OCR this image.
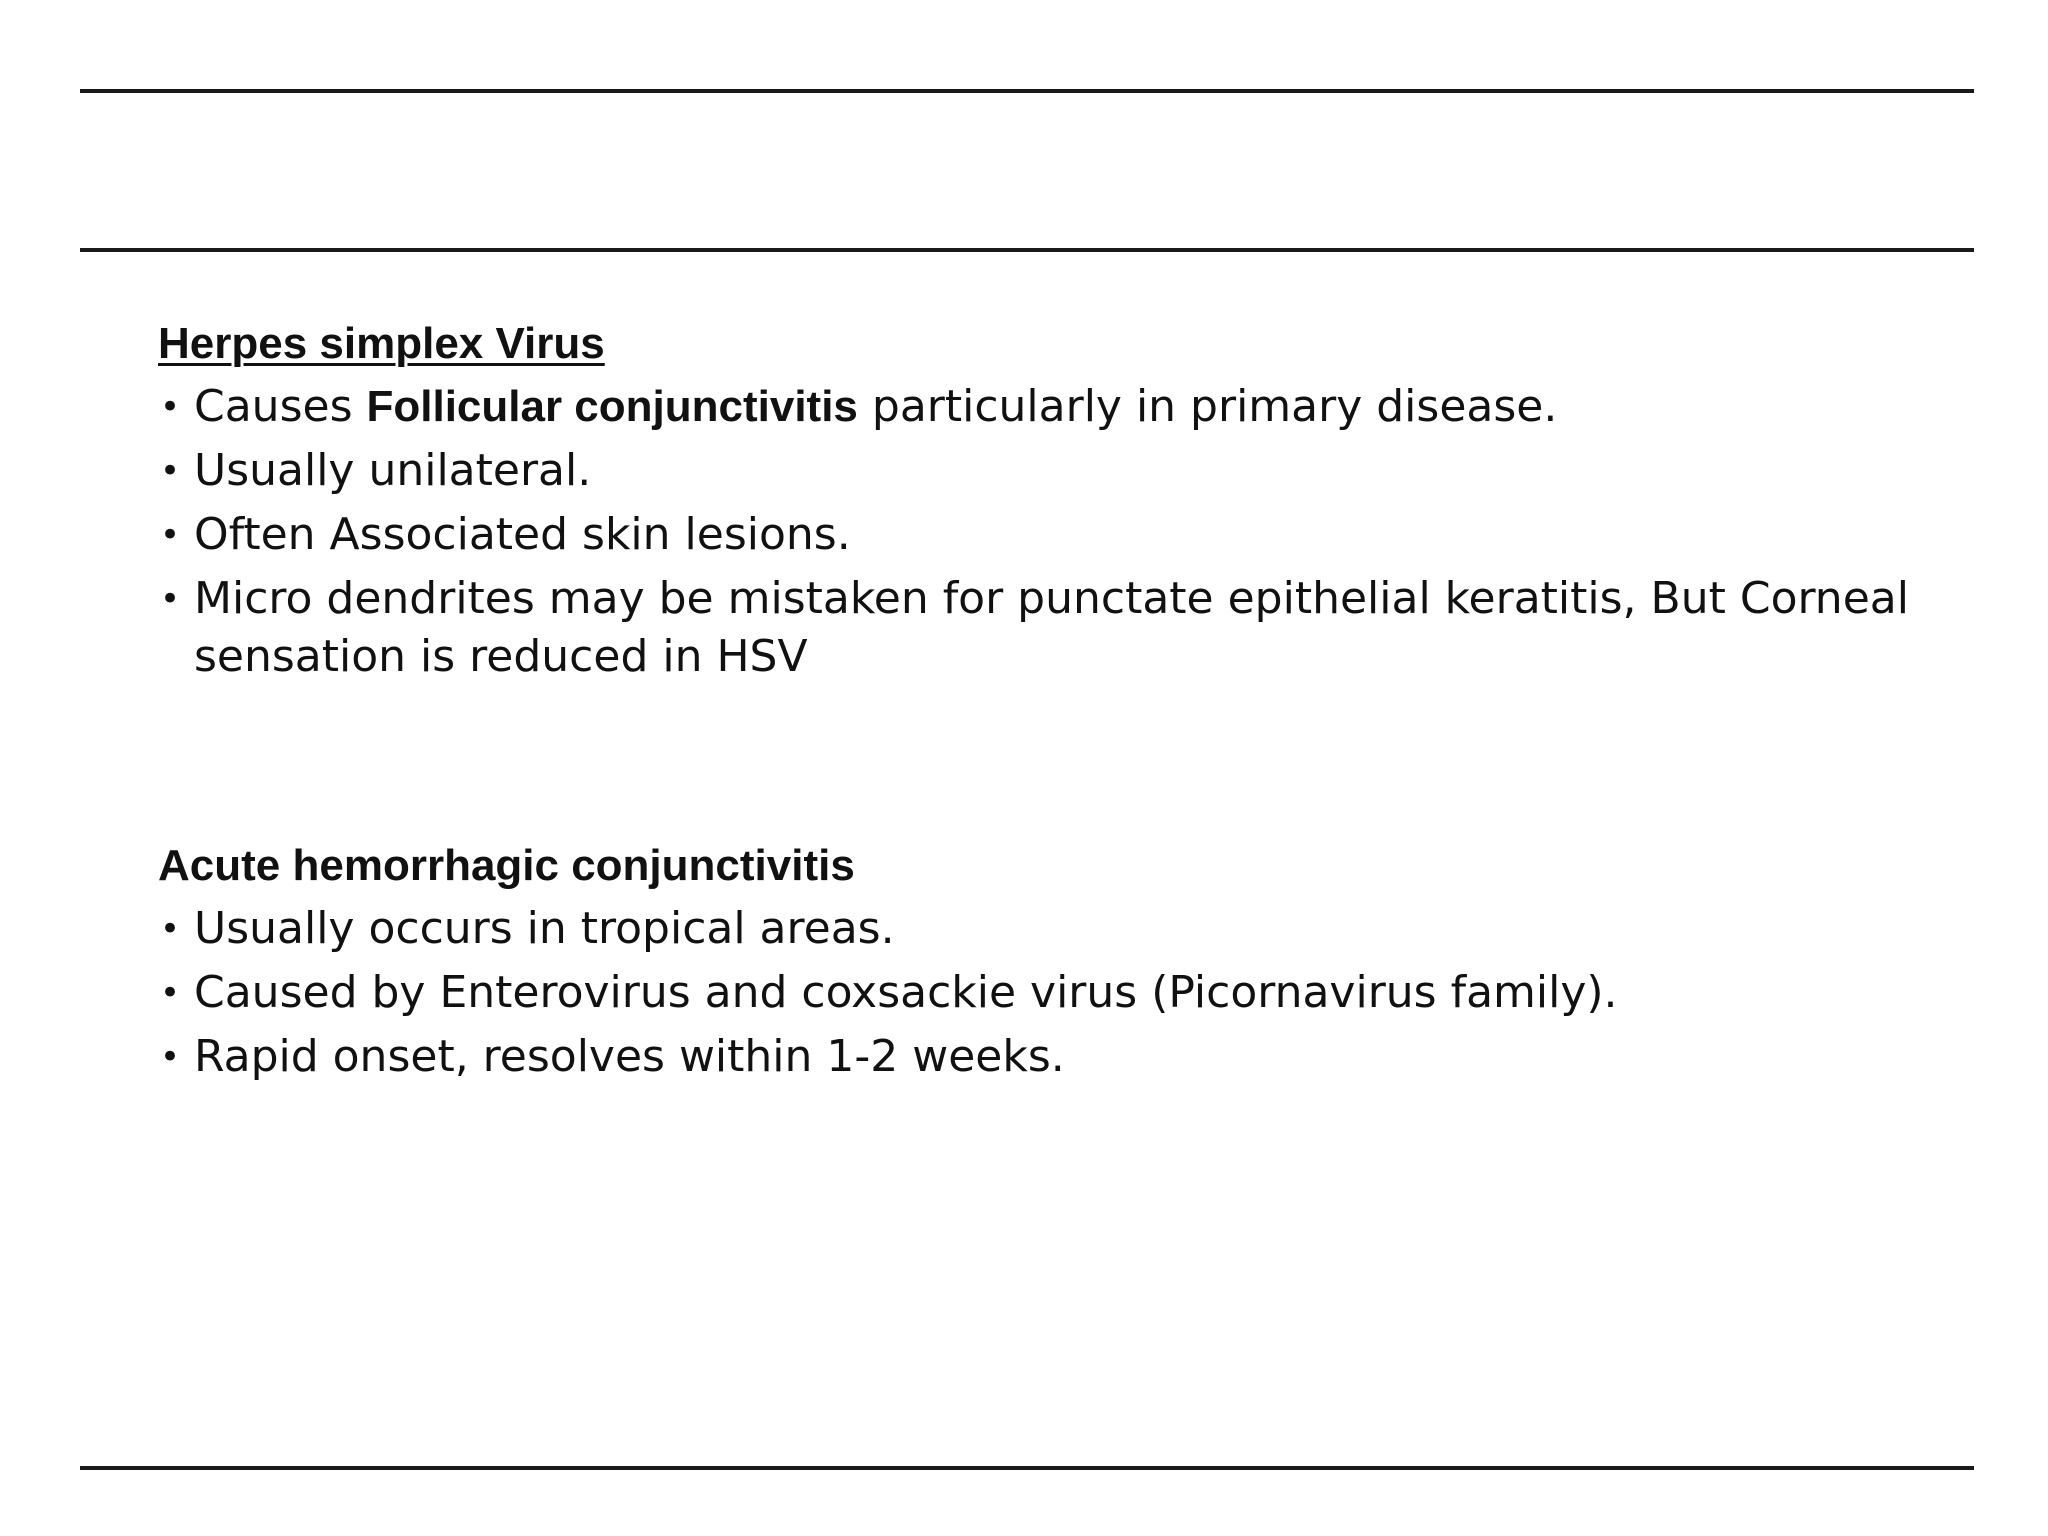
Herpes simplex Virus

• Causes Follicular conjunctivitis particularly in primary disease.
• Usually unilateral.
• Often Associated skin lesions.
• Micro dendrites may be mistaken for punctate epithelial keratitis, But Corneal
sensation is reduced in HSV

Acute hemorrhagic conjunctivitis

• Usually occurs in tropical areas.
• Caused by Enterovirus and coxsackie virus (Picornavirus family).
• Rapid onset, resolves within 1-2 weeks.
